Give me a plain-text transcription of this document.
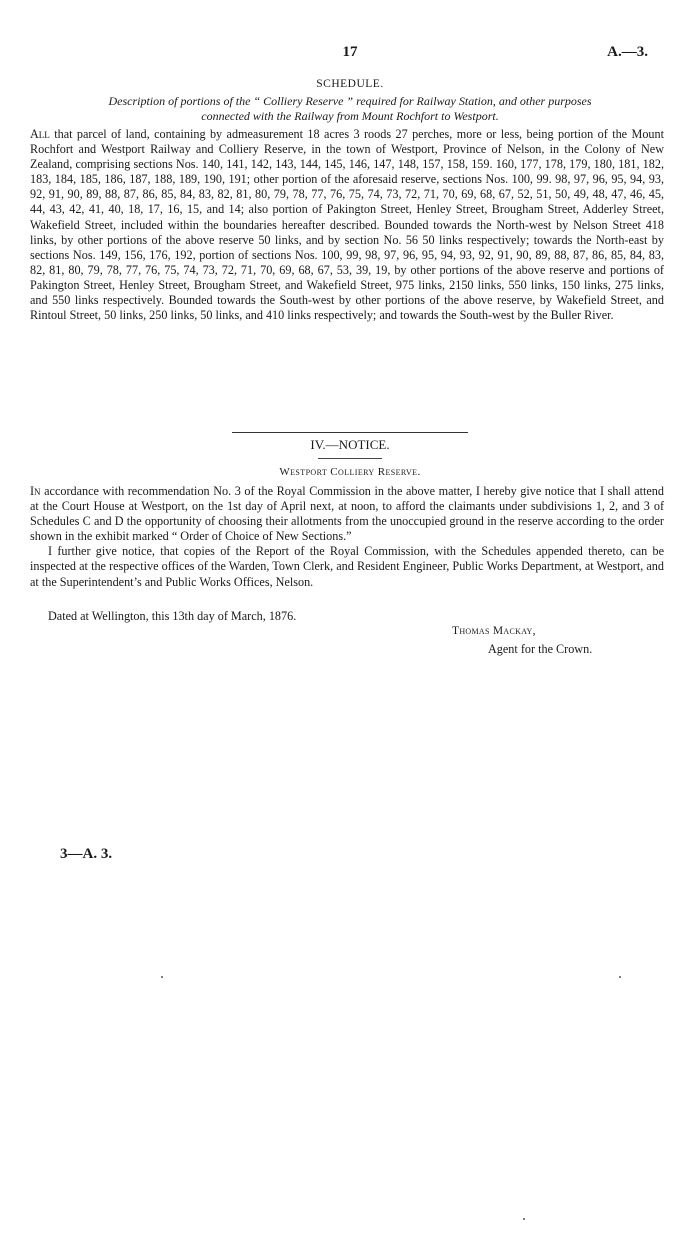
17	A.—3.
SCHEDULE.
Description of portions of the “ Colliery Reserve ” required for Railway Station, and other purposes
connected with the Railway from Mount Rochfort to Westport.
All that parcel of land, containing by admeasurement 18 acres 3 roods 27 perches, more or less, being portion of the Mount Rochfort and Westport Railway and Colliery Reserve, in the town of Westport, Province of Nelson, in the Colony of New Zealand, comprising sections Nos. 140, 141, 142, 143, 144, 145, 146, 147, 148, 157, 158, 159. 160, 177, 178, 179, 180, 181, 182, 183, 184, 185, 186, 187, 188, 189, 190, 191; other portion of the aforesaid reserve, sections Nos. 100, 99. 98, 97, 96, 95, 94, 93, 92, 91, 90, 89, 88, 87, 86, 85, 84, 83, 82, 81, 80, 79, 78, 77, 76, 75, 74, 73, 72, 71, 70, 69, 68, 67, 52, 51, 50, 49, 48, 47, 46, 45, 44, 43, 42, 41, 40, 18, 17, 16, 15, and 14; also portion of Pakington Street, Henley Street, Brougham Street, Adderley Street, Wakefield Street, included within the boundaries hereafter described. Bounded towards the North-west by Nelson Street 418 links, by other portions of the above reserve 50 links, and by section No. 56 50 links respectively; towards the North-east by sections Nos. 149, 156, 176, 192, portion of sections Nos. 100, 99, 98, 97, 96, 95, 94, 93, 92, 91, 90, 89, 88, 87, 86, 85, 84, 83, 82, 81, 80, 79, 78, 77, 76, 75, 74, 73, 72, 71, 70, 69, 68, 67, 53, 39, 19, by other portions of the above reserve and portions of Pakington Street, Henley Street, Brougham Street, and Wakefield Street, 975 links, 2150 links, 550 links, 150 links, 275 links, and 550 links respectively. Bounded towards the South-west by other portions of the above reserve, by Wakefield Street, and Rintoul Street, 50 links, 250 links, 50 links, and 410 links respectively; and towards the South-west by the Buller River.
IV.—NOTICE.
Westport Colliery Reserve.
In accordance with recommendation No. 3 of the Royal Commission in the above matter, I hereby give notice that I shall attend at the Court House at Westport, on the 1st day of April next, at noon, to afford the claimants under subdivisions 1, 2, and 3 of Schedules C and D the opportunity of choosing their allotments from the unoccupied ground in the reserve according to the order shown in the exhibit marked “ Order of Choice of New Sections.”
I further give notice, that copies of the Report of the Royal Commission, with the Schedules appended thereto, can be inspected at the respective offices of the Warden, Town Clerk, and Resident Engineer, Public Works Department, at Westport, and at the Superintendent’s and Public Works Offices, Nelson.
Dated at Wellington, this 13th day of March, 1876.
Thomas Mackay,
Agent for the Crown.
3—A. 3.
